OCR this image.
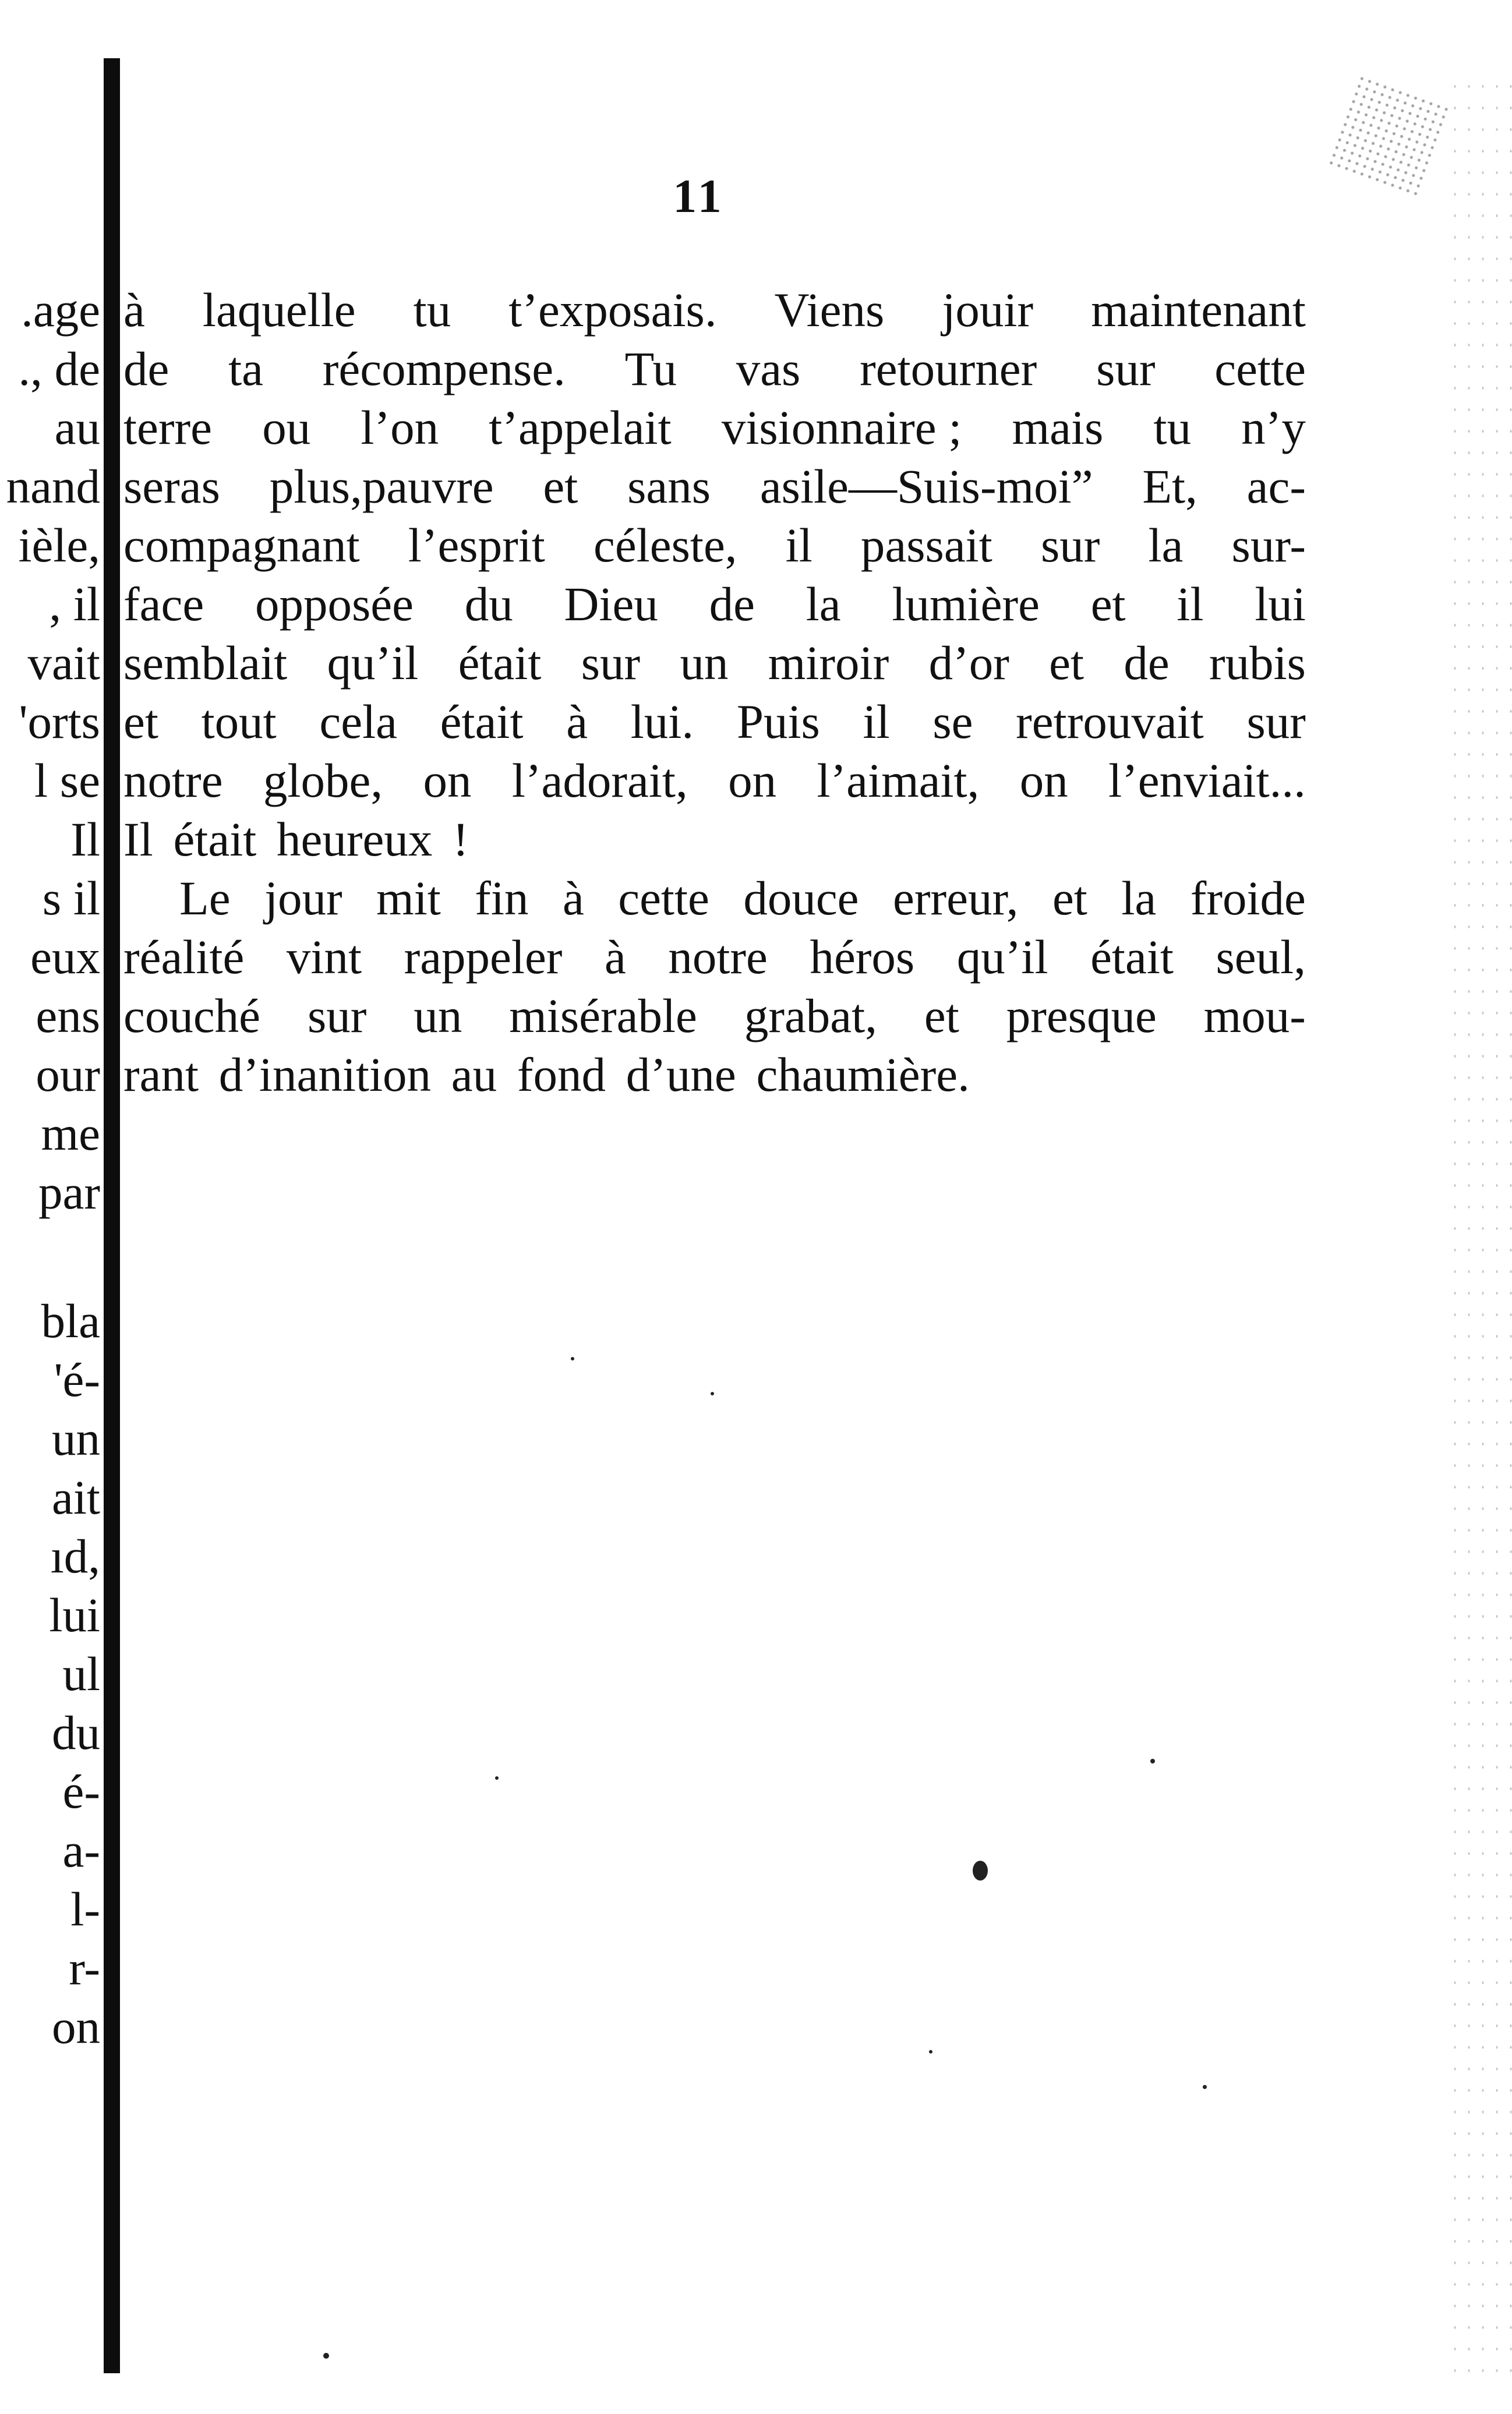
.age
., de
au
nand
ièle,
, il
vait
'orts
l se
Il
s il
eux
ens
our
me
par
bla
'é-
un
ait
ıd,
lui
ul
du
é-
a-
l-
r-
on
11
à laquelle tu t’exposais. Viens jouir maintenant
de ta récompense. Tu vas retourner sur cette
terre ou l’on t’appelait visionnaire ; mais tu n’y
seras plus,pauvre et sans asile—Suis-moi” Et, ac-
compagnant l’esprit céleste, il passait sur la sur-
face opposée du Dieu de la lumière et il lui
semblait qu’il était sur un miroir d’or et de rubis
et tout cela était à lui. Puis il se retrouvait sur
notre globe, on l’adorait, on l’aimait, on l’enviait...
Il était heureux !
Le jour mit fin à cette douce erreur, et la froide
réalité vint rappeler à notre héros qu’il était seul,
couché sur un misérable grabat, et presque mou-
rant d’inanition au fond d’une chaumière.
